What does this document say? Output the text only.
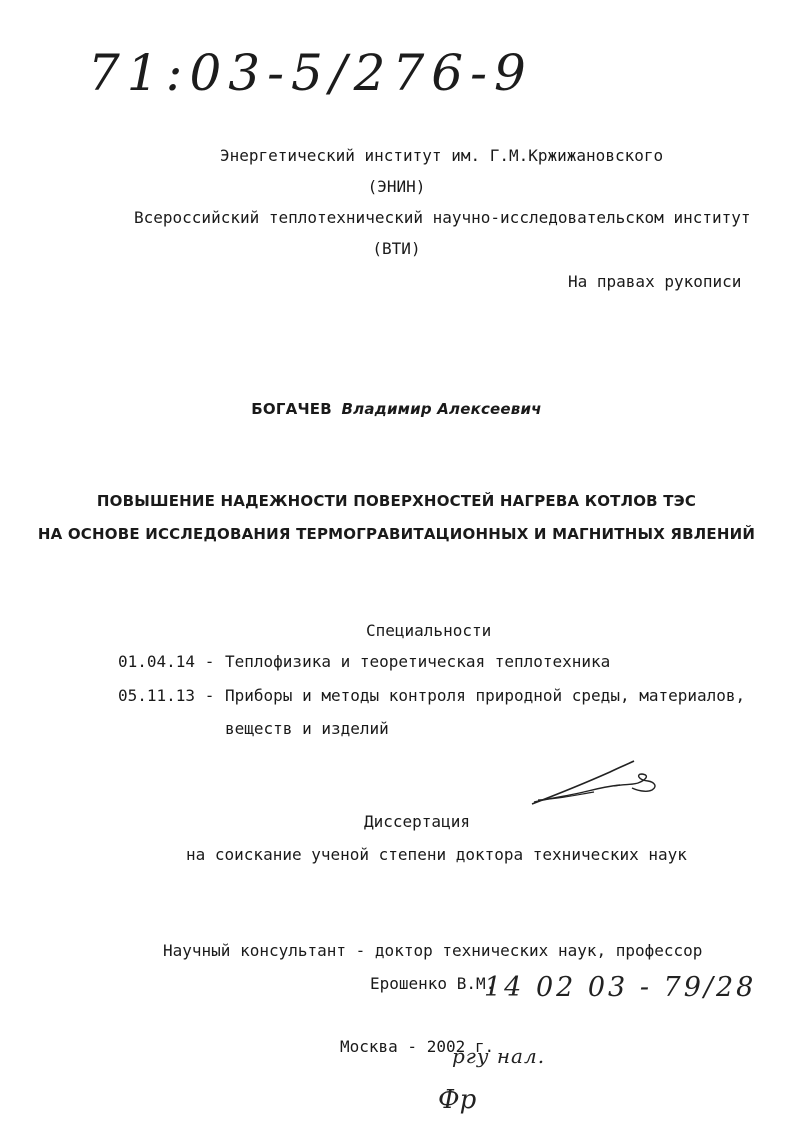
71:03-5/276-9
Энергетический институт им. Г.М.Кржижановского
(ЭНИН)
Всероссийский теплотехнический научно-исследовательском институт
(ВТИ)
На правах рукописи
БОГАЧЕВ Владимир Алексеевич
ПОВЫШЕНИЕ НАДЕЖНОСТИ ПОВЕРХНОСТЕЙ НАГРЕВА КОТЛОВ ТЭС
НА ОСНОВЕ ИССЛЕДОВАНИЯ ТЕРМОГРАВИТАЦИОННЫХ И МАГНИТНЫХ ЯВЛЕНИЙ
Специальности
01.04.14 - Теплофизика и теоретическая теплотехника
05.11.13 - Приборы и методы контроля природной среды, материалов,
веществ и изделий
Диссертация
на соискание ученой степени доктора технических наук
Научный консультант - доктор технических наук, профессор
Ерошенко В.М.
14 02 03 - 79/28
Москва - 2002 г.
ргу нал.
Фр
